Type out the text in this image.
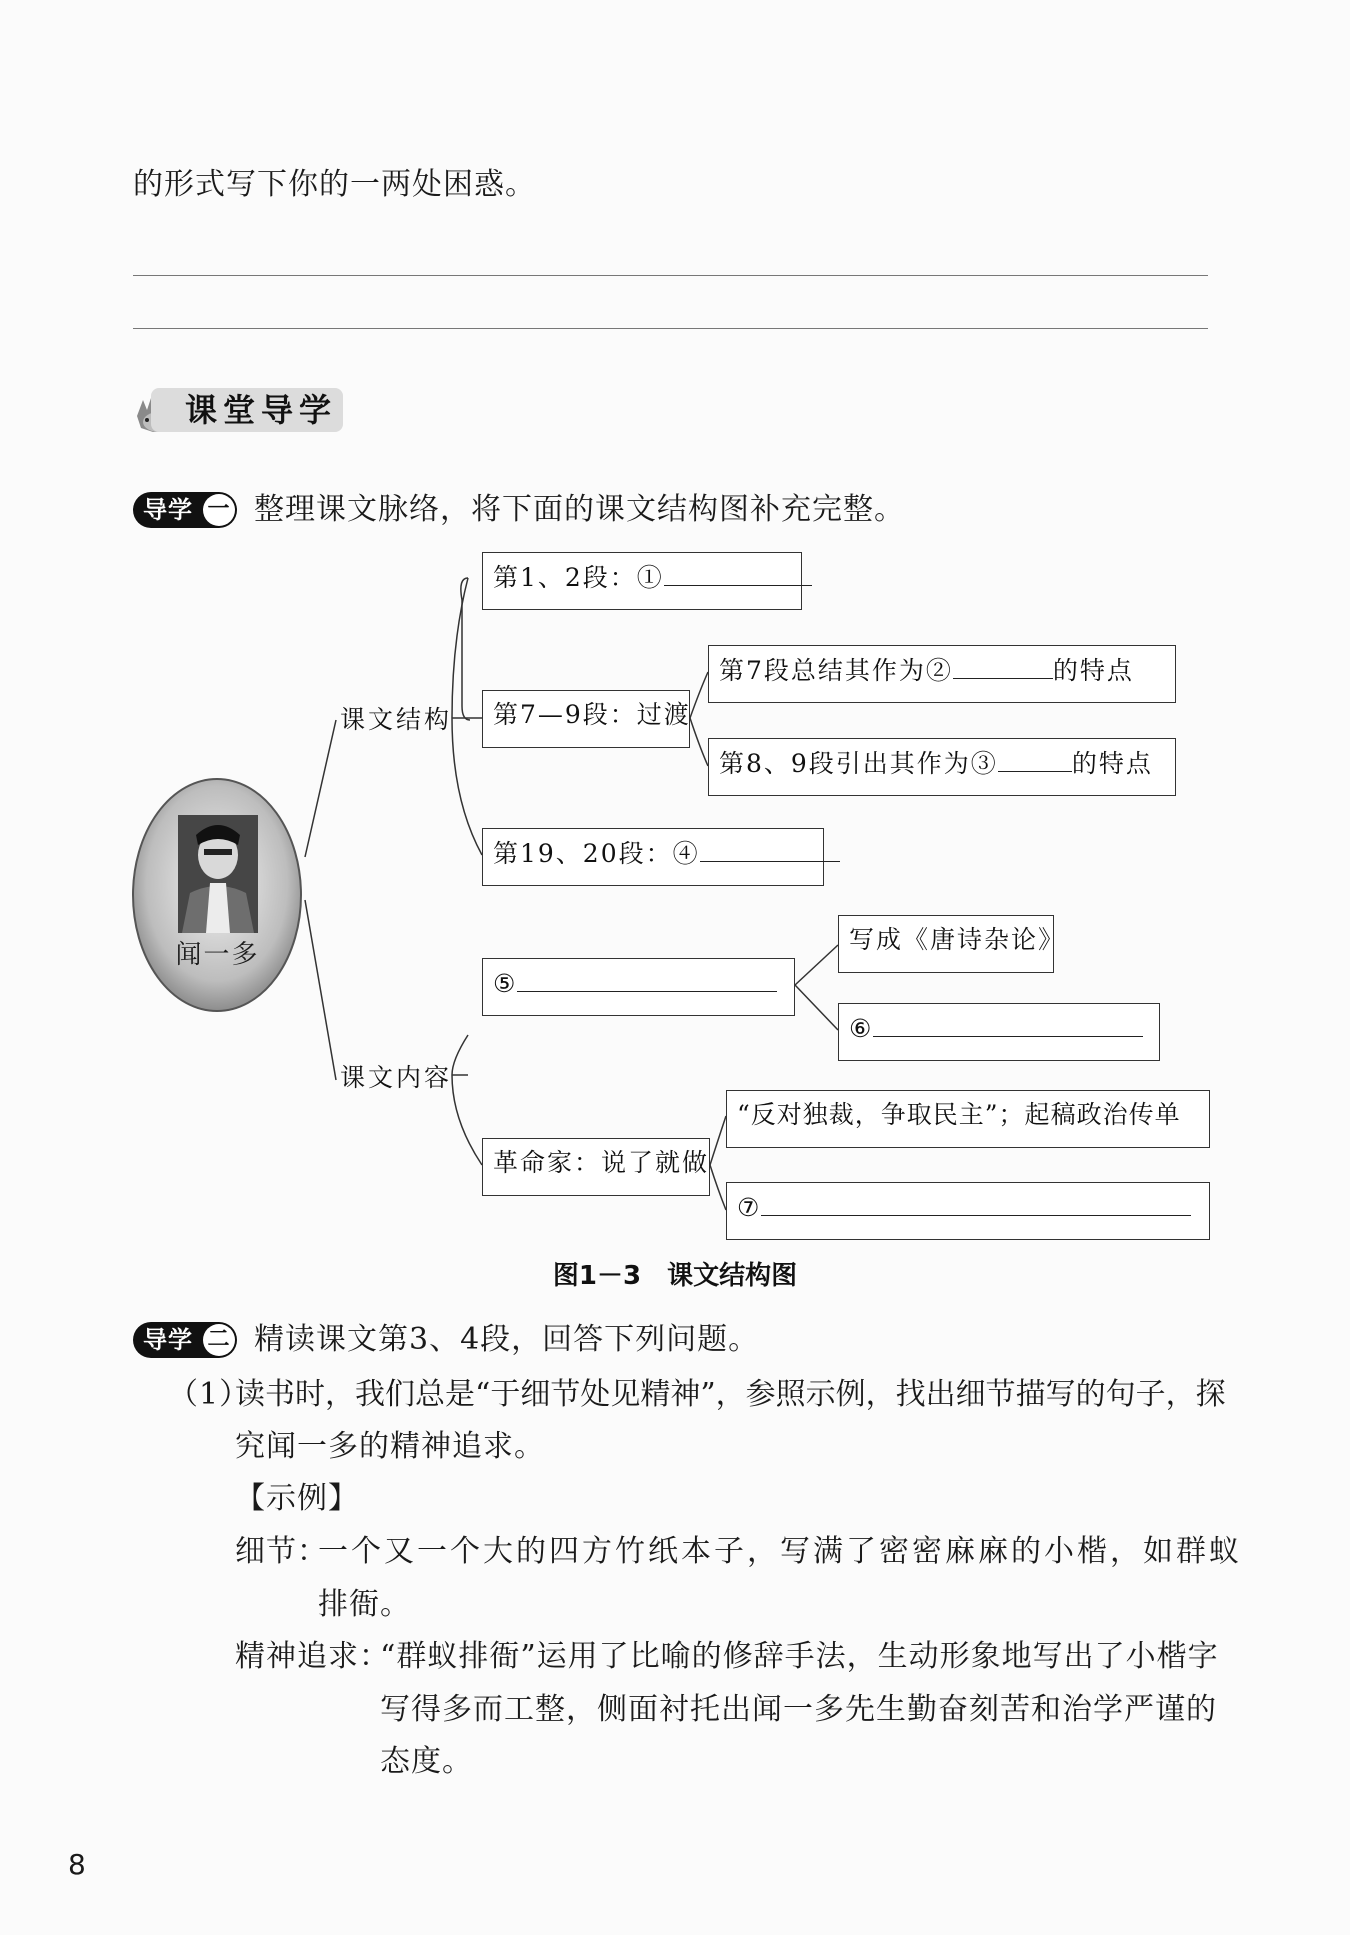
的形式写下你的一两处困惑。
课堂导学
导学 一 整理课文脉络，将下面的课文结构图补充完整。
闻一多
课文结构
课文内容
第1、2段：①
第7—9段：过渡
第7段总结其作为②	的特点
第8、9段引出其作为③	的特点
第19、20段：④
⑤
写成《唐诗杂论》
⑥
革命家：说了就做
“反对独裁，争取民主”；起稿政治传单
⑦
图1－3　课文结构图
导学 二 精读课文第3、4段，回答下列问题。
（1）
读书时，我们总是“于细节处见精神”，参照示例，找出细节描写的句子，探
究闻一多的精神追求。
【示例】
细节：
一个又一个大的四方竹纸本子，写满了密密麻麻的小楷，如群蚁
排衙。
精神追求：
“群蚁排衙”运用了比喻的修辞手法，生动形象地写出了小楷字
写得多而工整，侧面衬托出闻一多先生勤奋刻苦和治学严谨的
态度。
8
